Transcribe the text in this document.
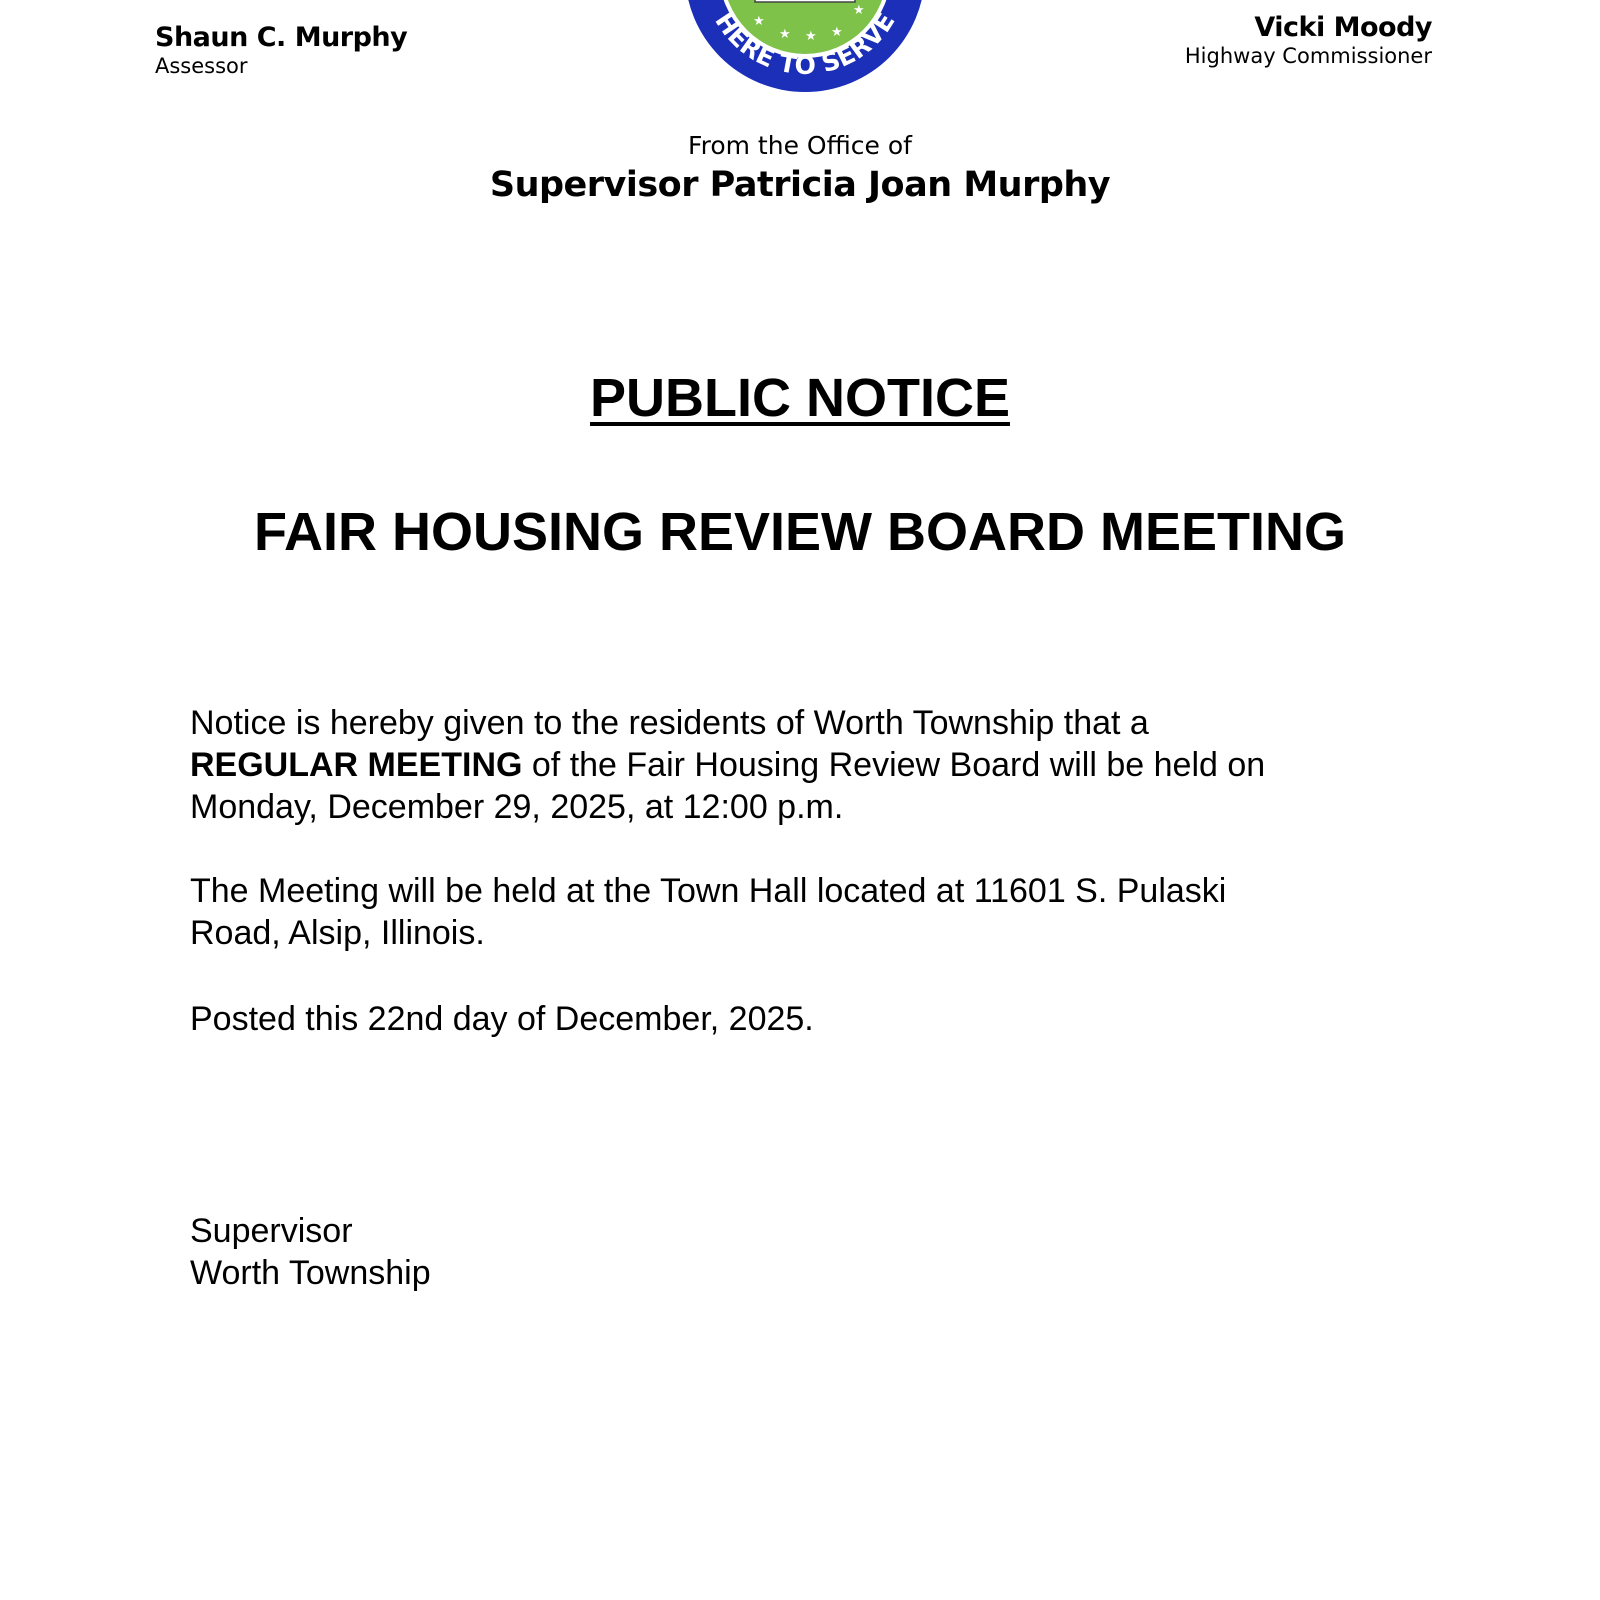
Shaun C. Murphy
Assessor
★
★ ★ ★
★
HERE TO SERVE	Vicki Moody
Highway Commissioner
From the Office of
Supervisor Patricia Joan Murphy
PUBLIC NOTICE
FAIR HOUSING REVIEW BOARD MEETING

Notice is hereby given to the residents of Worth Township that a

REGULAR MEETING of the Fair Housing Review Board will be held on

Monday, December 29, 2025, at 12:00 p.m.

The Meeting will be held at the Town Hall located at 11601 S. Pulaski

Road, Alsip, Illinois.

Posted this 22nd day of December, 2025.

Supervisor

Worth Township
